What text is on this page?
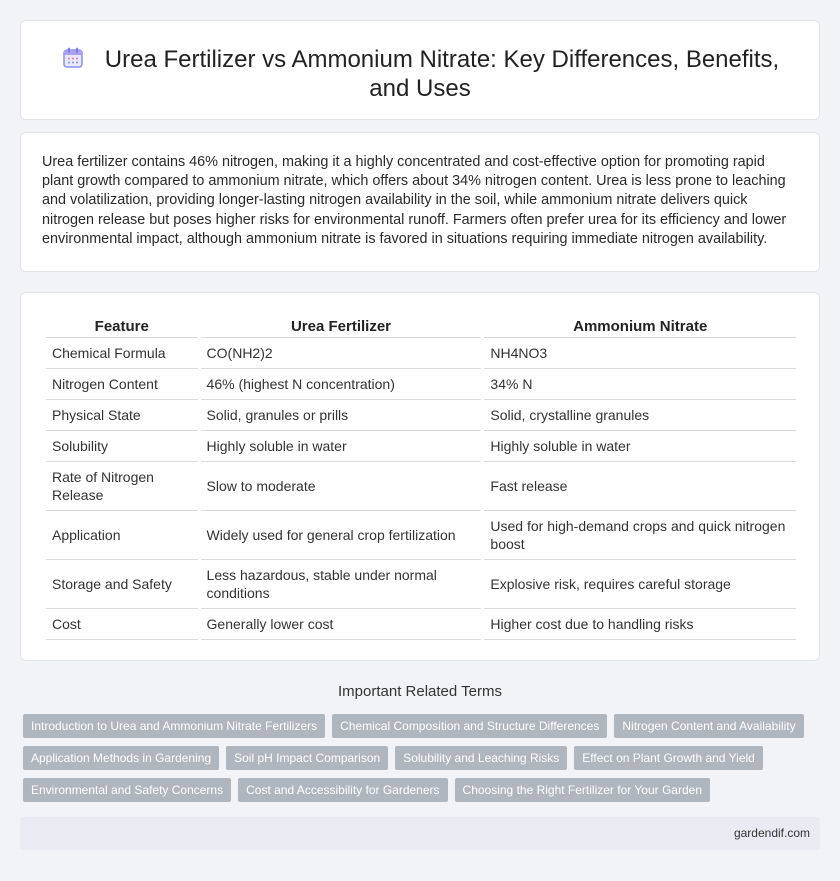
Urea Fertilizer vs Ammonium Nitrate: Key Differences, Benefits, and Uses

Urea fertilizer contains 46% nitrogen, making it a highly concentrated and cost-effective option for promoting rapid plant growth compared to ammonium nitrate, which offers about 34% nitrogen content. Urea is less prone to leaching and volatilization, providing longer-lasting nitrogen availability in the soil, while ammonium nitrate delivers quick nitrogen release but poses higher risks for environmental runoff. Farmers often prefer urea for its efficiency and lower environmental impact, although ammonium nitrate is favored in situations requiring immediate nitrogen availability.

Feature	Urea Fertilizer	Ammonium Nitrate
Chemical Formula	CO(NH2)2	NH4NO3
Nitrogen Content	46% (highest N concentration)	34% N
Physical State	Solid, granules or prills	Solid, crystalline granules
Solubility	Highly soluble in water	Highly soluble in water
Rate of Nitrogen Release	Slow to moderate	Fast release
Application	Widely used for general crop fertilization	Used for high-demand crops and quick nitrogen boost
Storage and Safety	Less hazardous, stable under normal conditions	Explosive risk, requires careful storage
Cost	Generally lower cost	Higher cost due to handling risks
Important Related Terms
Introduction to Urea and Ammonium Nitrate Fertilizers	Chemical Composition and Structure Differences	Nitrogen Content and Availability
Application Methods in Gardening	Soil pH Impact Comparison	Solubility and Leaching Risks	Effect on Plant Growth and Yield
Environmental and Safety Concerns	Cost and Accessibility for Gardeners	Choosing the Right Fertilizer for Your Garden
gardendif.com
